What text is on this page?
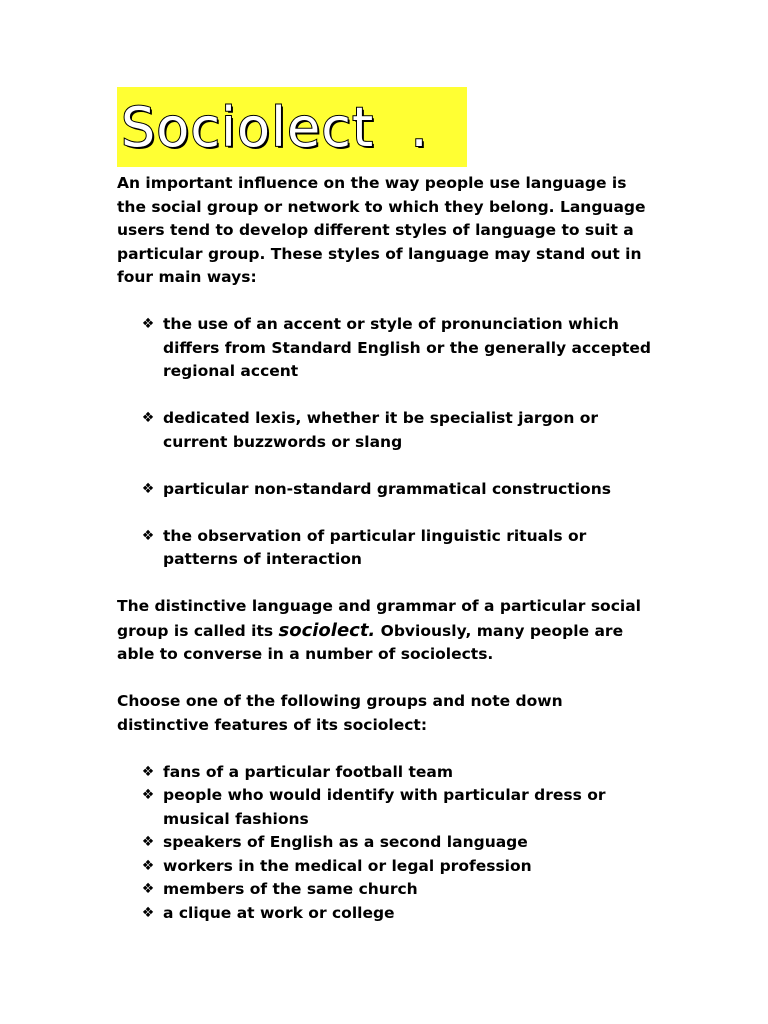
Sociolect  .

An important influence on the way people use language is the social group or network to which they belong. Language users tend to develop different styles of language to suit a particular group. These styles of language may stand out in four main ways:

❖ the use of an accent or style of pronunciation which differs from Standard English or the generally accepted regional accent
❖ dedicated lexis, whether it be specialist jargon or current buzzwords or slang
❖ particular non-standard grammatical constructions
❖ the observation of particular linguistic rituals or patterns of interaction

The distinctive language and grammar of a particular social group is called its sociolect. Obviously, many people are able to converse in a number of sociolects.

Choose one of the following groups and note down distinctive features of its sociolect:

❖ fans of a particular football team
❖ people who would identify with particular dress or musical fashions
❖ speakers of English as a second language
❖ workers in the medical or legal profession
❖ members of the same church
❖ a clique at work or college
